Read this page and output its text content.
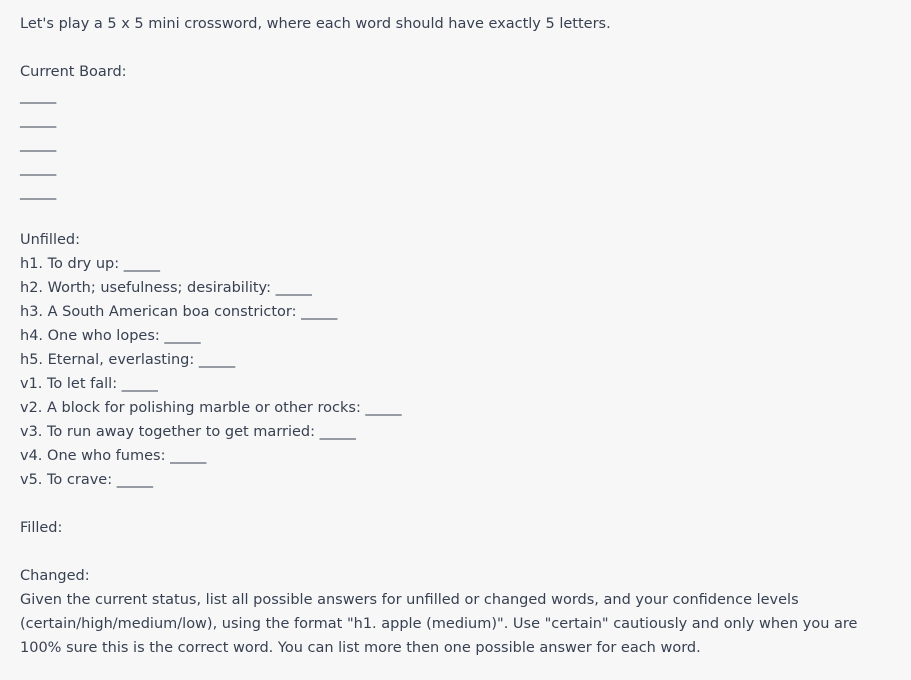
Let's play a 5 x 5 mini crossword, where each word should have exactly 5 letters.
Current Board:
_____
_____
_____
_____
_____
Unfilled:
h1. To dry up: _____
h2. Worth; usefulness; desirability: _____
h3. A South American boa constrictor: _____
h4. One who lopes: _____
h5. Eternal, everlasting: _____
v1. To let fall: _____
v2. A block for polishing marble or other rocks: _____
v3. To run away together to get married: _____
v4. One who fumes: _____
v5. To crave: _____
Filled:
Changed:
Given the current status, list all possible answers for unfilled or changed words, and your confidence levels (certain/high/medium/low), using the format "h1. apple (medium)". Use "certain" cautiously and only when you are 100% sure this is the correct word. You can list more then one possible answer for each word.
